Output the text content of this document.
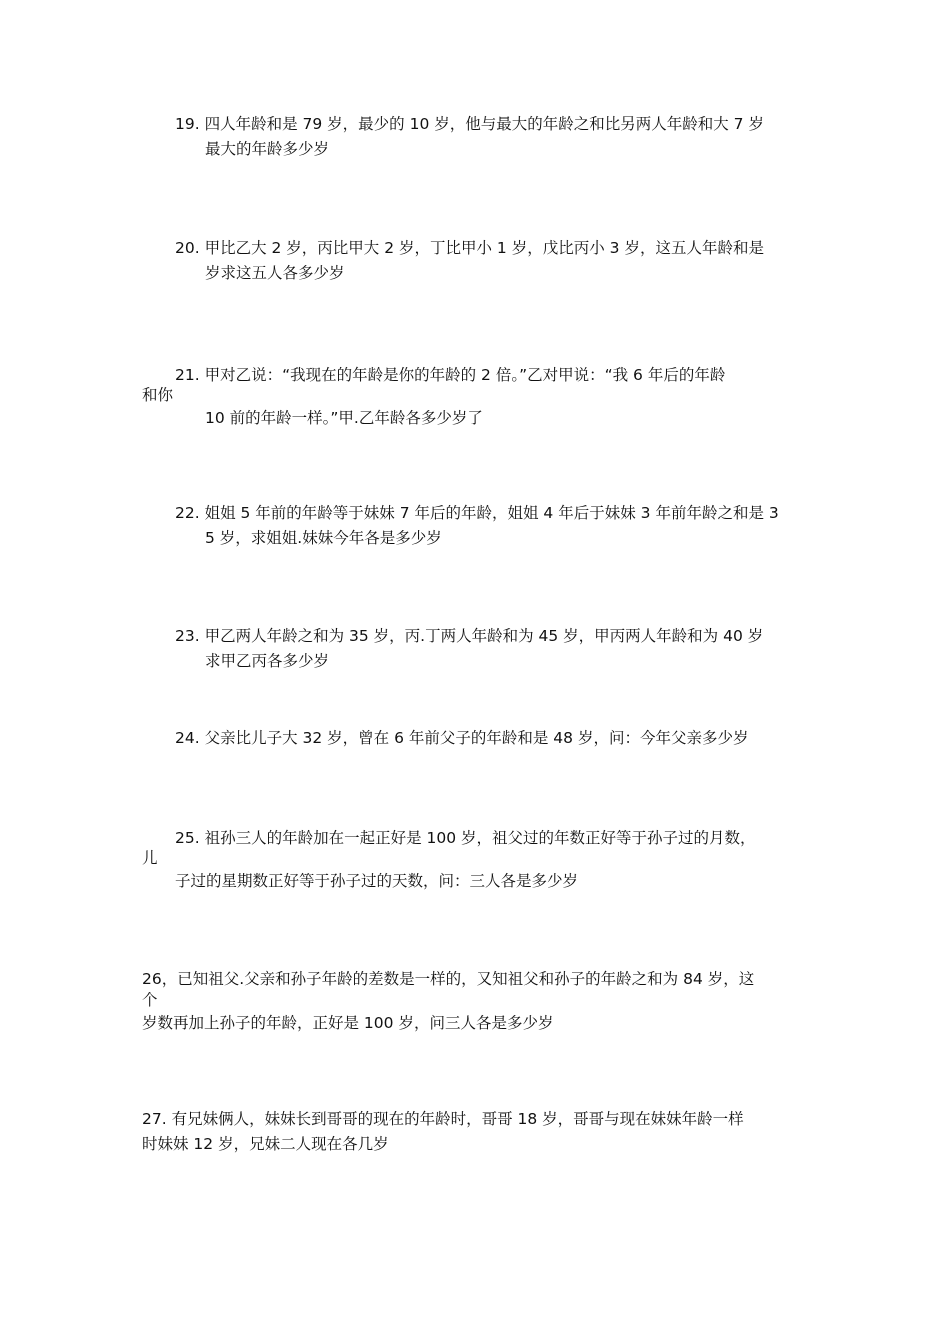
19. 四人年龄和是 79 岁，最少的 10 岁，他与最大的年龄之和比另两人年龄和大 7 岁
最大的年龄多少岁
20. 甲比乙大 2 岁，丙比甲大 2 岁，丁比甲小 1 岁，戊比丙小 3 岁，这五人年龄和是
岁求这五人各多少岁
21. 甲对乙说：“我现在的年龄是你的年龄的 2 倍。”乙对甲说：“我 6 年后的年龄
和你
10 前的年龄一样。”甲.乙年龄各多少岁了
22. 姐姐 5 年前的年龄等于妹妹 7 年后的年龄，姐姐 4 年后于妹妹 3 年前年龄之和是 3
5 岁，求姐姐.妹妹今年各是多少岁
23. 甲乙两人年龄之和为 35 岁，丙.丁两人年龄和为 45 岁，甲丙两人年龄和为 40 岁
求甲乙丙各多少岁
24. 父亲比儿子大 32 岁，曾在 6 年前父子的年龄和是 48 岁，问：今年父亲多少岁
25. 祖孙三人的年龄加在一起正好是 100 岁，祖父过的年数正好等于孙子过的月数，
儿
子过的星期数正好等于孙子过的天数，问：三人各是多少岁
26，已知祖父.父亲和孙子年龄的差数是一样的，又知祖父和孙子的年龄之和为 84 岁，这
个
岁数再加上孙子的年龄，正好是 100 岁，问三人各是多少岁
27. 有兄妹俩人，妹妹长到哥哥的现在的年龄时，哥哥 18 岁，哥哥与现在妹妹年龄一样
时妹妹 12 岁，兄妹二人现在各几岁
